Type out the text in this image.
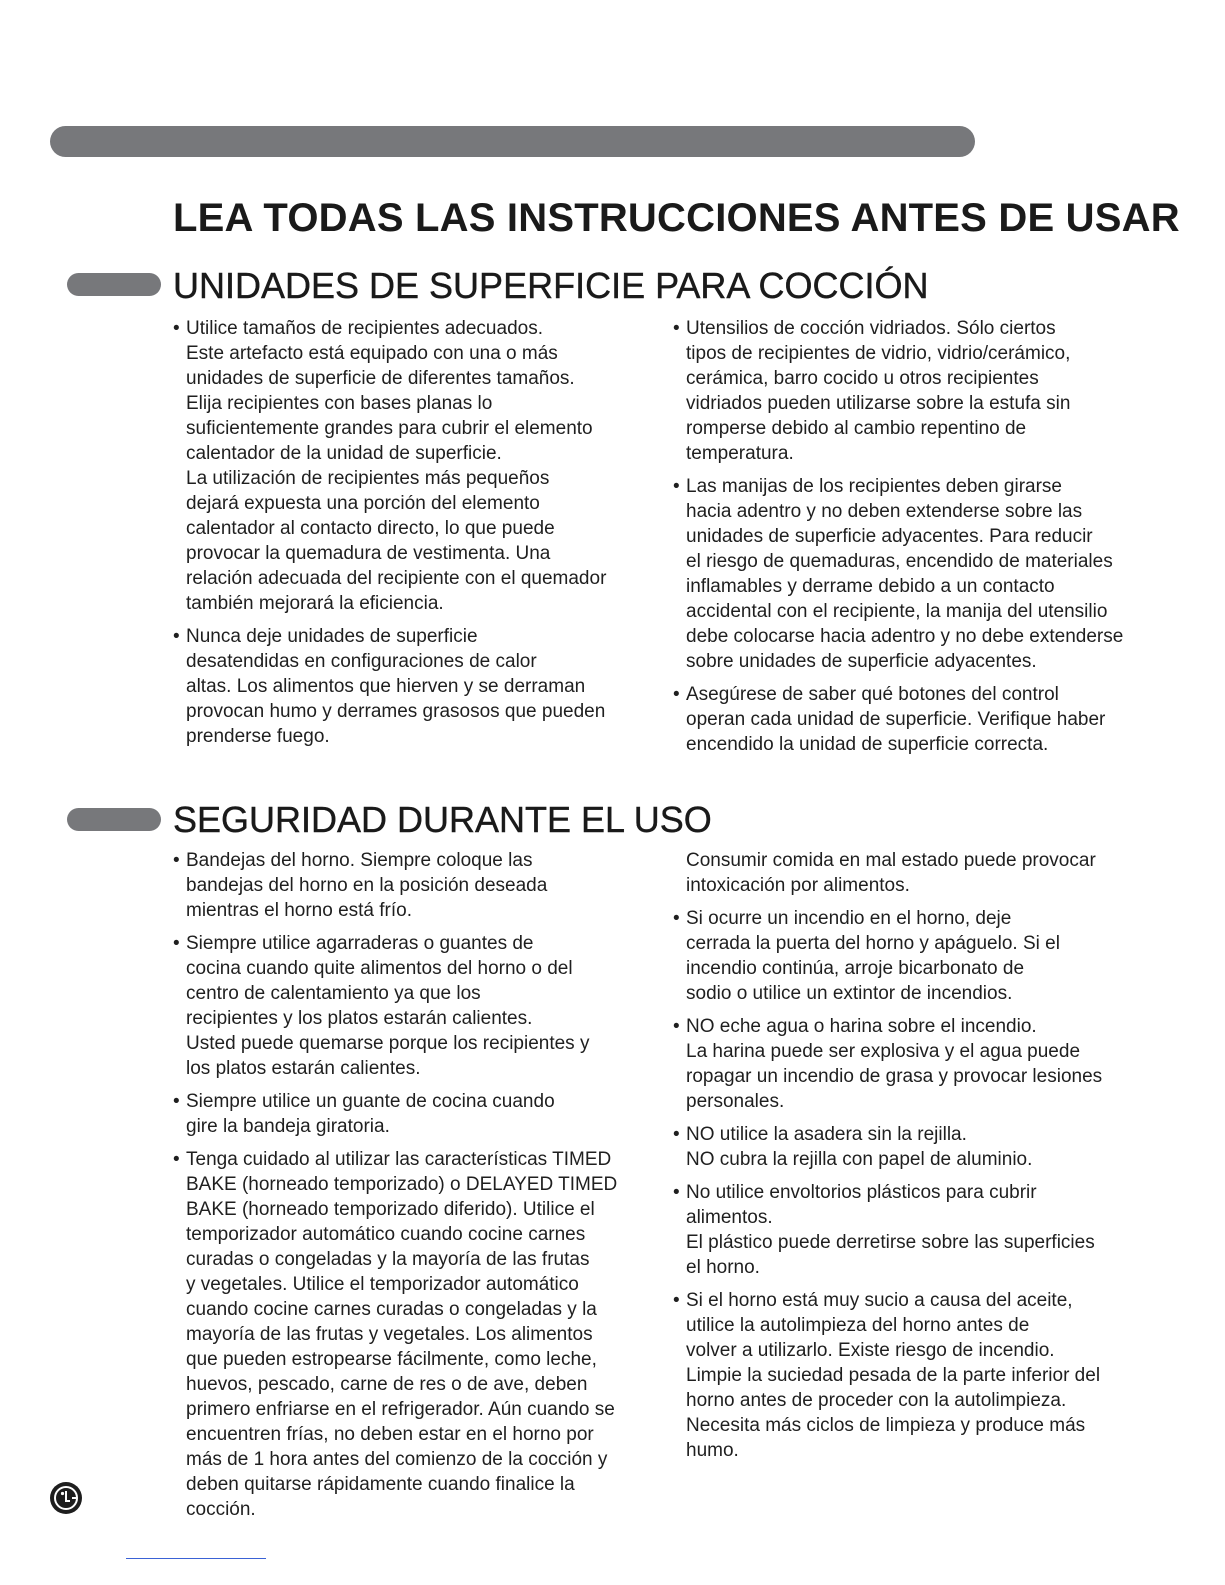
LEA TODAS LAS INSTRUCCIONES ANTES DE USAR
UNIDADES DE SUPERFICIE PARA COCCIÓN

• Utilice tamaños de recipientes adecuados.
Este artefacto está equipado con una o más
unidades de superficie de diferentes tamaños.
Elija recipientes con bases planas lo
suficientemente grandes para cubrir el elemento
calentador de la unidad de superficie.
La utilización de recipientes más pequeños
dejará expuesta una porción del elemento
calentador al contacto directo, lo que puede
provocar la quemadura de vestimenta. Una
relación adecuada del recipiente con el quemador
también mejorará la eficiencia.

• Nunca deje unidades de superficie
desatendidas en configuraciones de calor
altas. Los alimentos que hierven y se derraman
provocan humo y derrames grasosos que pueden
prenderse fuego.

• Utensilios de cocción vidriados. Sólo ciertos
tipos de recipientes de vidrio, vidrio/cerámico,
cerámica, barro cocido u otros recipientes
vidriados pueden utilizarse sobre la estufa sin
romperse debido al cambio repentino de
temperatura.

• Las manijas de los recipientes deben girarse
hacia adentro y no deben extenderse sobre las
unidades de superficie adyacentes. Para reducir
el riesgo de quemaduras, encendido de materiales
inflamables y derrame debido a un contacto
accidental con el recipiente, la manija del utensilio
debe colocarse hacia adentro y no debe extenderse
sobre unidades de superficie adyacentes.

• Asegúrese de saber qué botones del control
operan cada unidad de superficie. Verifique haber
encendido la unidad de superficie correcta.

SEGURIDAD DURANTE EL USO

• Bandejas del horno. Siempre coloque las
bandejas del horno en la posición deseada
mientras el horno está frío.

• Siempre utilice agarraderas o guantes de
cocina cuando quite alimentos del horno o del
centro de calentamiento ya que los
recipientes y los platos estarán calientes.
Usted puede quemarse porque los recipientes y
los platos estarán calientes.

• Siempre utilice un guante de cocina cuando
gire la bandeja giratoria.

• Tenga cuidado al utilizar las características TIMED
BAKE (horneado temporizado) o DELAYED TIMED
BAKE (horneado temporizado diferido). Utilice el
temporizador automático cuando cocine carnes
curadas o congeladas y la mayoría de las frutas
y vegetales. Utilice el temporizador automático
cuando cocine carnes curadas o congeladas y la
mayoría de las frutas y vegetales. Los alimentos
que pueden estropearse fácilmente, como leche,
huevos, pescado, carne de res o de ave, deben
primero enfriarse en el refrigerador. Aún cuando se
encuentren frías, no deben estar en el horno por
más de 1 hora antes del comienzo de la cocción y
deben quitarse rápidamente cuando finalice la
cocción.

Consumir comida en mal estado puede provocar
intoxicación por alimentos.

• Si ocurre un incendio en el horno, deje
cerrada la puerta del horno y apáguelo. Si el
incendio continúa, arroje bicarbonato de
sodio o utilice un extintor de incendios.

• NO eche agua o harina sobre el incendio.
La harina puede ser explosiva y el agua puede
ropagar un incendio de grasa y provocar lesiones
personales.

• NO utilice la asadera sin la rejilla.
NO cubra la rejilla con papel de aluminio.

• No utilice envoltorios plásticos para cubrir
alimentos.
El plástico puede derretirse sobre las superficies
el horno.

• Si el horno está muy sucio a causa del aceite,
utilice la autolimpieza del horno antes de
volver a utilizarlo. Existe riesgo de incendio.
Limpie la suciedad pesada de la parte inferior del
horno antes de proceder con la autolimpieza.
Necesita más ciclos de limpieza y produce más
humo.
